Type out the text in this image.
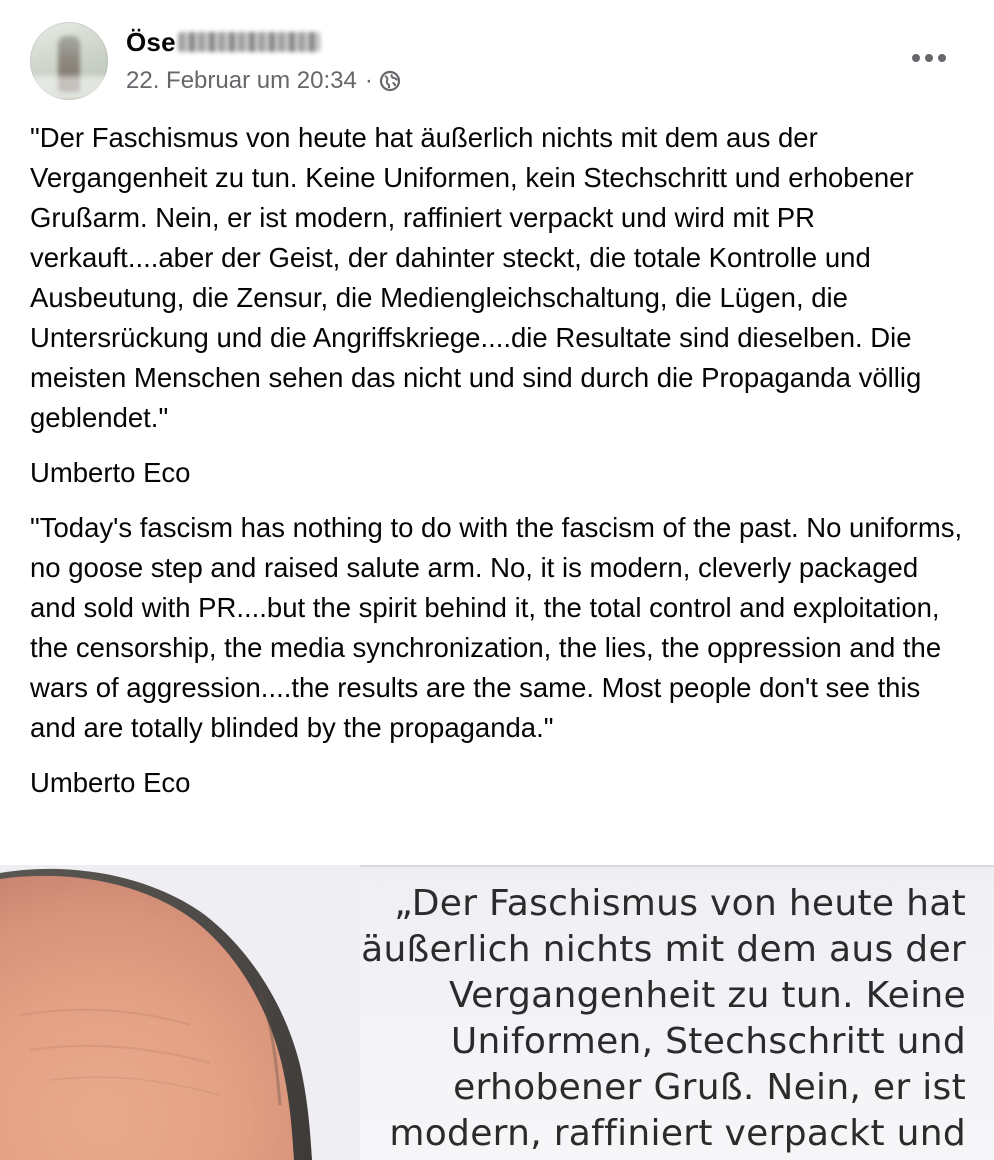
Öse
22. Februar um 20:34 ·

"Der Faschismus von heute hat äußerlich nichts mit dem aus der Vergangenheit zu tun. Keine Uniformen, kein Stechschritt und erhobener Grußarm. Nein, er ist modern, raffiniert verpackt und wird mit PR verkauft....aber der Geist, der dahinter steckt, die totale Kontrolle und Ausbeutung, die Zensur, die Mediengleichschaltung, die Lügen, die Untersrückung und die Angriffskriege....die Resultate sind dieselben. Die meisten Menschen sehen das nicht und sind durch die Propaganda völlig geblendet."

Umberto Eco

"Today's fascism has nothing to do with the fascism of the past. No uniforms, no goose step and raised salute arm. No, it is modern, cleverly packaged and sold with PR....but the spirit behind it, the total control and exploitation, the censorship, the media synchronization, the lies, the oppression and the wars of aggression....the results are the same. Most people don't see this and are totally blinded by the propaganda."

Umberto Eco

„Der Faschismus von heute hat
äußerlich nichts mit dem aus der
Vergangenheit zu tun. Keine
Uniformen, Stechschritt und
erhobener Gruß. Nein, er ist
modern, raffiniert verpackt und
